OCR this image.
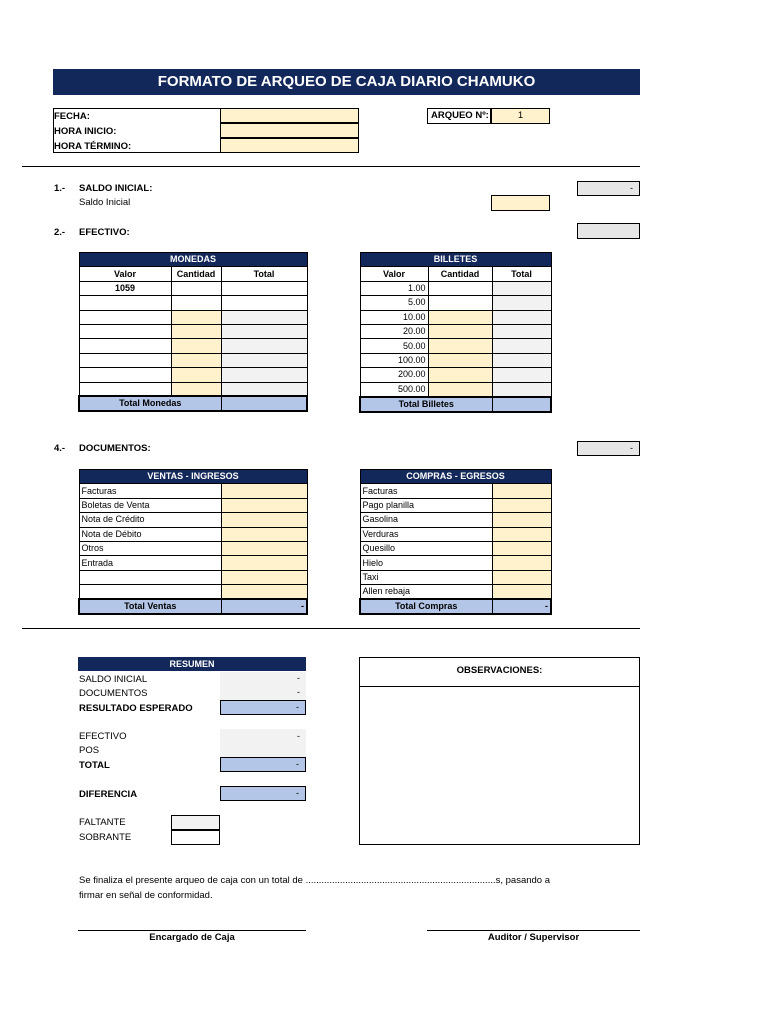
FORMATO DE ARQUEO DE CAJA DIARIO CHAMUKO
FECHA:
HORA INICIO:
HORA TÉRMINO:
ARQUEO Nº:	1
1.- SALDO INICIAL:
Saldo Inicial
-
2.- EFECTIVO:
MONEDAS		
Valor	Cantidad	Total
1059		

Total Monedas		
BILLETES		
Valor	Cantidad	Total
1.00		
5.00		
10.00		
20.00		
50.00		
100.00		
200.00		
500.00		
Total Billetes		
4.- DOCUMENTOS:	-
VENTAS - INGRESOS	
Facturas	
Boletas de Venta	
Nota de Crédito	
Nota de Débito	
Otros	
Entrada	

Total Ventas	-
COMPRAS - EGRESOS	
Facturas	
Pago planilla	
Gasolina	
Verduras	
Quesillo	
Hielo	
Taxi	
Allen rebaja	
Total Compras	-
RESUMEN
SALDO INICIAL	-
DOCUMENTOS	-
RESULTADO ESPERADO	-
EFECTIVO	-
POS
TOTAL	-
DIFERENCIA	-
FALTANTE
SOBRANTE
OBSERVACIONES:
Se finaliza el presente arqueo de caja con un total de ........................................................................s, pasando a
firmar en señal de conformidad.
Encargado de Caja	Auditor / Supervisor
